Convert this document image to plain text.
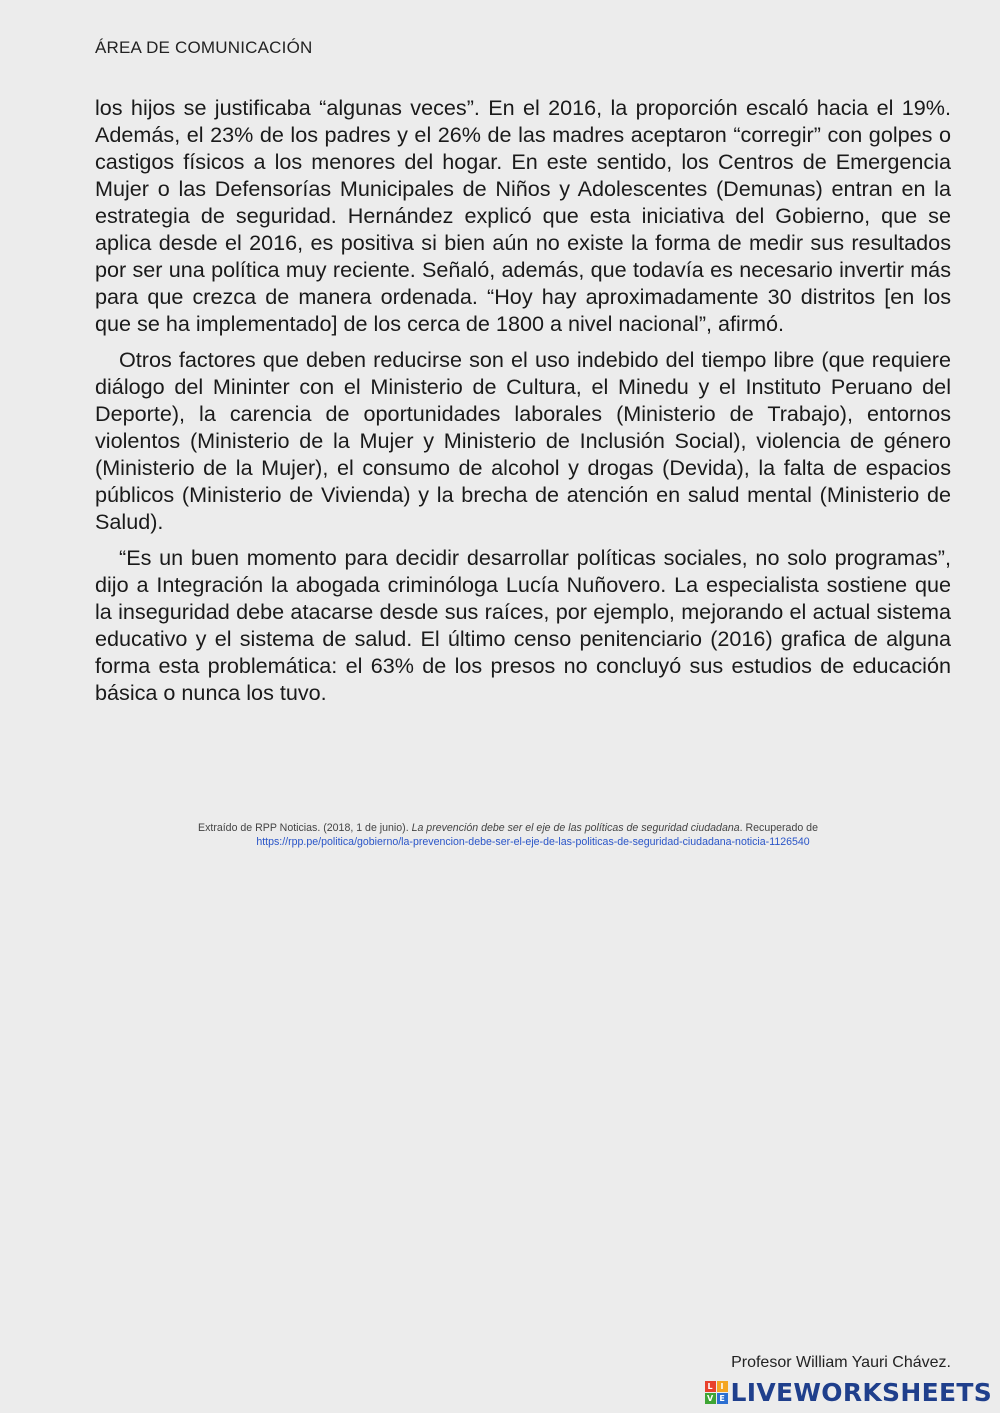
ÁREA DE COMUNICACIÓN

los hijos se justificaba “algunas veces”. En el 2016, la proporción escaló hacia el 19%. Además, el 23% de los padres y el 26% de las madres aceptaron “corregir” con golpes o castigos físicos a los menores del hogar. En este sentido, los Centros de Emergencia Mujer o las Defensorías Municipales de Niños y Adolescentes (Demunas) entran en la estrategia de seguridad. Hernández explicó que esta iniciativa del Gobierno, que se aplica desde el 2016, es positiva si bien aún no existe la forma de medir sus resultados por ser una política muy reciente. Señaló, además, que todavía es necesario invertir más para que crezca de manera ordenada. “Hoy hay aproximadamente 30 distritos [en los que se ha implementado] de los cerca de 1800 a nivel nacional”, afirmó.

Otros factores que deben reducirse son el uso indebido del tiempo libre (que requiere diálogo del Mininter con el Ministerio de Cultura, el Minedu y el Instituto Peruano del Deporte), la carencia de oportunidades laborales (Ministerio de Trabajo), entornos violentos (Ministerio de la Mujer y Ministerio de Inclusión Social), violencia de género (Ministerio de la Mujer), el consumo de alcohol y drogas (Devida), la falta de espacios públicos (Ministerio de Vivienda) y la brecha de atención en salud mental (Ministerio de Salud).

“Es un buen momento para decidir desarrollar políticas sociales, no solo programas”, dijo a Integración la abogada criminóloga Lucía Nuñovero. La especialista sostiene que la inseguridad debe atacarse desde sus raíces, por ejemplo, mejorando el actual sistema educativo y el sistema de salud. El último censo penitenciario (2016) grafica de alguna forma esta problemática: el 63% de los presos no concluyó sus estudios de educación básica o nunca los tuvo.

Extraído de RPP Noticias. (2018, 1 de junio). La prevención debe ser el eje de las políticas de seguridad ciudadana. Recuperado de
https://rpp.pe/politica/gobierno/la-prevencion-debe-ser-el-eje-de-las-politicas-de-seguridad-ciudadana-noticia-1126540
Profesor William Yauri Chávez.
L I
V E LIVEWORKSHEETS
